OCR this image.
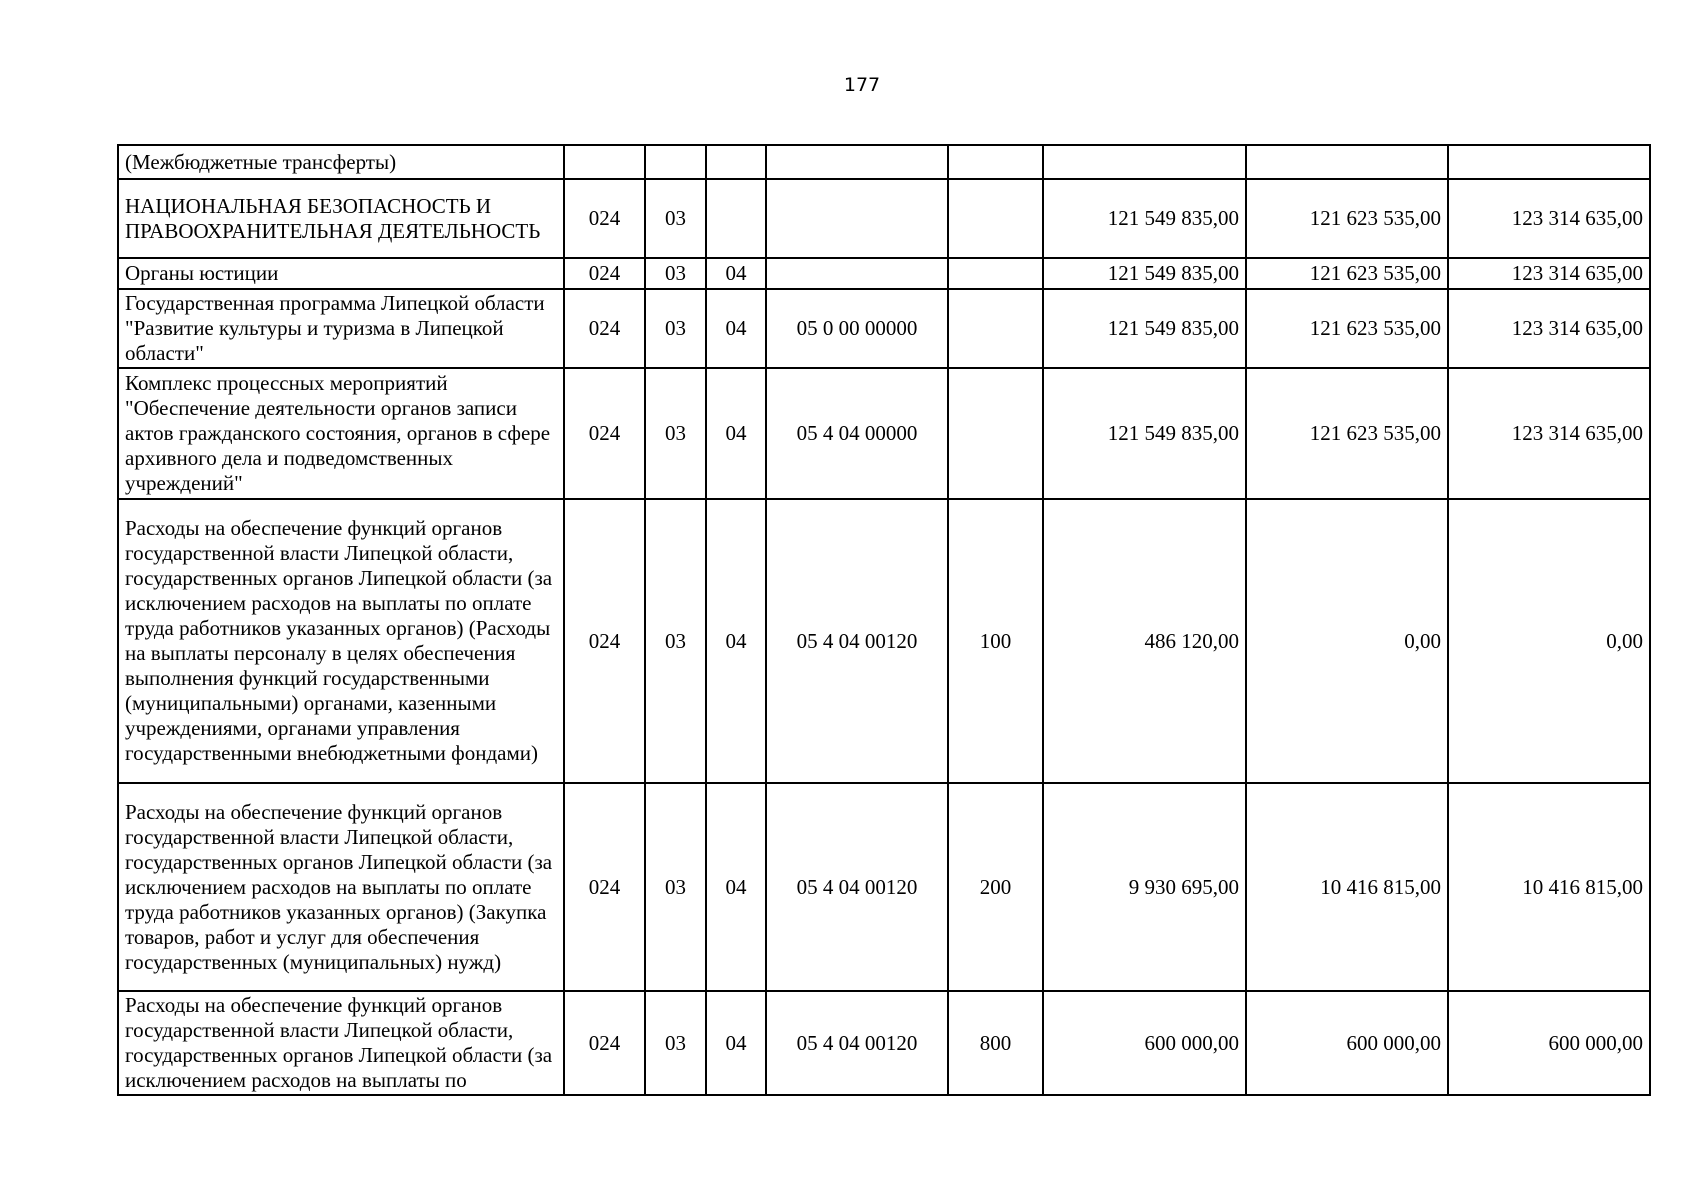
177
(Межбюджетные трансферты)								
НАЦИОНАЛЬНАЯ БЕЗОПАСНОСТЬ И ПРАВООХРАНИТЕЛЬНАЯ ДЕЯТЕЛЬНОСТЬ	024	03				121 549 835,00	121 623 535,00	123 314 635,00
Органы юстиции	024	03	04			121 549 835,00	121 623 535,00	123 314 635,00
Государственная программа Липецкой области "Развитие культуры и туризма в Липецкой области"	024	03	04	05 0 00 00000		121 549 835,00	121 623 535,00	123 314 635,00
Комплекс процессных мероприятий "Обеспечение деятельности органов записи актов гражданского состояния, органов в сфере архивного дела и подведомственных учреждений"	024	03	04	05 4 04 00000		121 549 835,00	121 623 535,00	123 314 635,00
Расходы на обеспечение функций органов государственной власти Липецкой области, государственных органов Липецкой области (за исключением расходов на выплаты по оплате труда работников указанных органов) (Расходы на выплаты персоналу в целях обеспечения выполнения функций государственными (муниципальными) органами, казенными учреждениями, органами управления государственными внебюджетными фондами)	024	03	04	05 4 04 00120	100	486 120,00	0,00	0,00
Расходы на обеспечение функций органов государственной власти Липецкой области, государственных органов Липецкой области (за исключением расходов на выплаты по оплате труда работников указанных органов) (Закупка товаров, работ и услуг для обеспечения государственных (муниципальных) нужд)	024	03	04	05 4 04 00120	200	9 930 695,00	10 416 815,00	10 416 815,00
Расходы на обеспечение функций органов государственной власти Липецкой области, государственных органов Липецкой области (за исключением расходов на выплаты по	024	03	04	05 4 04 00120	800	600 000,00	600 000,00	600 000,00
